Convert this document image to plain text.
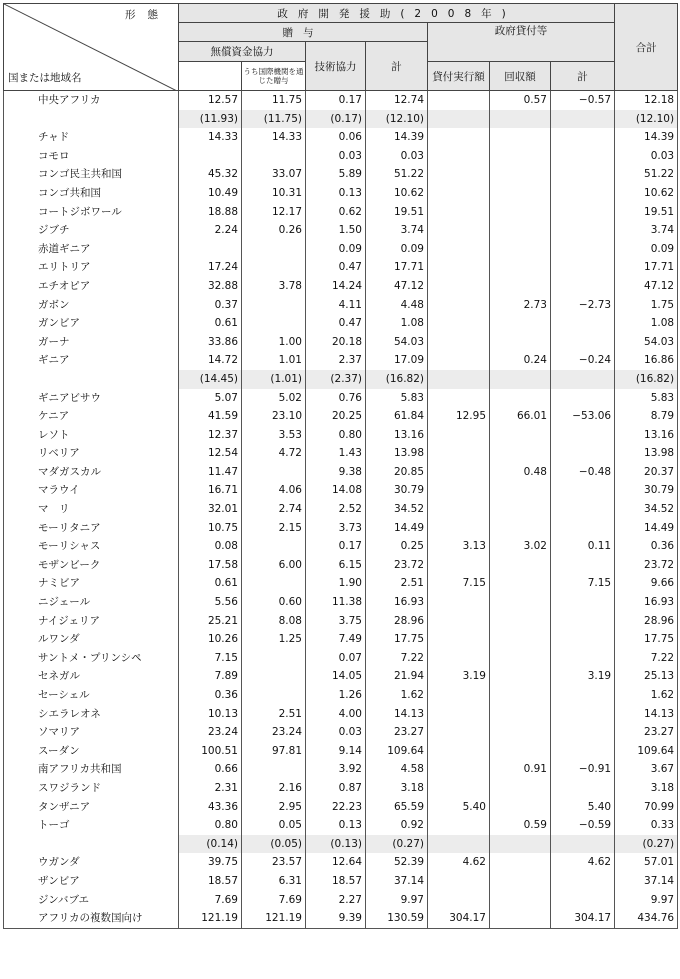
形態
国または地域名	政府開発援助(2008年)							合計
	贈与				政府貸付等			
	無償資金協力		技術協力	計				

		うち国際機関を通じた贈与			貸付実行額	回収額	計	
中央アフリカ	12.57	11.75	0.17	12.74		0.57	−0.57	12.18
	(11.93)	(11.75)	(0.17)	(12.10)				(12.10)
チャド	14.33	14.33	0.06	14.39				14.39
コモロ			0.03	0.03				0.03
コンゴ民主共和国	45.32	33.07	5.89	51.22				51.22
コンゴ共和国	10.49	10.31	0.13	10.62				10.62
コートジボワール	18.88	12.17	0.62	19.51				19.51
ジブチ	2.24	0.26	1.50	3.74				3.74
赤道ギニア			0.09	0.09				0.09
エリトリア	17.24		0.47	17.71				17.71
エチオピア	32.88	3.78	14.24	47.12				47.12
ガボン	0.37		4.11	4.48		2.73	−2.73	1.75
ガンビア	0.61		0.47	1.08				1.08
ガーナ	33.86	1.00	20.18	54.03				54.03
ギニア	14.72	1.01	2.37	17.09		0.24	−0.24	16.86
	(14.45)	(1.01)	(2.37)	(16.82)				(16.82)
ギニアビサウ	5.07	5.02	0.76	5.83				5.83
ケニア	41.59	23.10	20.25	61.84	12.95	66.01	−53.06	8.79
レソト	12.37	3.53	0.80	13.16				13.16
リベリア	12.54	4.72	1.43	13.98				13.98
マダガスカル	11.47		9.38	20.85		0.48	−0.48	20.37
マラウイ	16.71	4.06	14.08	30.79				30.79
マ　リ	32.01	2.74	2.52	34.52				34.52
モーリタニア	10.75	2.15	3.73	14.49				14.49
モーリシャス	0.08		0.17	0.25	3.13	3.02	0.11	0.36
モザンビーク	17.58	6.00	6.15	23.72				23.72
ナミビア	0.61		1.90	2.51	7.15		7.15	9.66
ニジェール	5.56	0.60	11.38	16.93				16.93
ナイジェリア	25.21	8.08	3.75	28.96				28.96
ルワンダ	10.26	1.25	7.49	17.75				17.75
サントメ・プリンシペ	7.15		0.07	7.22				7.22
セネガル	7.89		14.05	21.94	3.19		3.19	25.13
セーシェル	0.36		1.26	1.62				1.62
シエラレオネ	10.13	2.51	4.00	14.13				14.13
ソマリア	23.24	23.24	0.03	23.27				23.27
スーダン	100.51	97.81	9.14	109.64				109.64
南アフリカ共和国	0.66		3.92	4.58		0.91	−0.91	3.67
スワジランド	2.31	2.16	0.87	3.18				3.18
タンザニア	43.36	2.95	22.23	65.59	5.40		5.40	70.99
トーゴ	0.80	0.05	0.13	0.92		0.59	−0.59	0.33
	(0.14)	(0.05)	(0.13)	(0.27)				(0.27)
ウガンダ	39.75	23.57	12.64	52.39	4.62		4.62	57.01
ザンビア	18.57	6.31	18.57	37.14				37.14
ジンバブエ	7.69	7.69	2.27	9.97				9.97
アフリカの複数国向け	121.19	121.19	9.39	130.59	304.17		304.17	434.76
